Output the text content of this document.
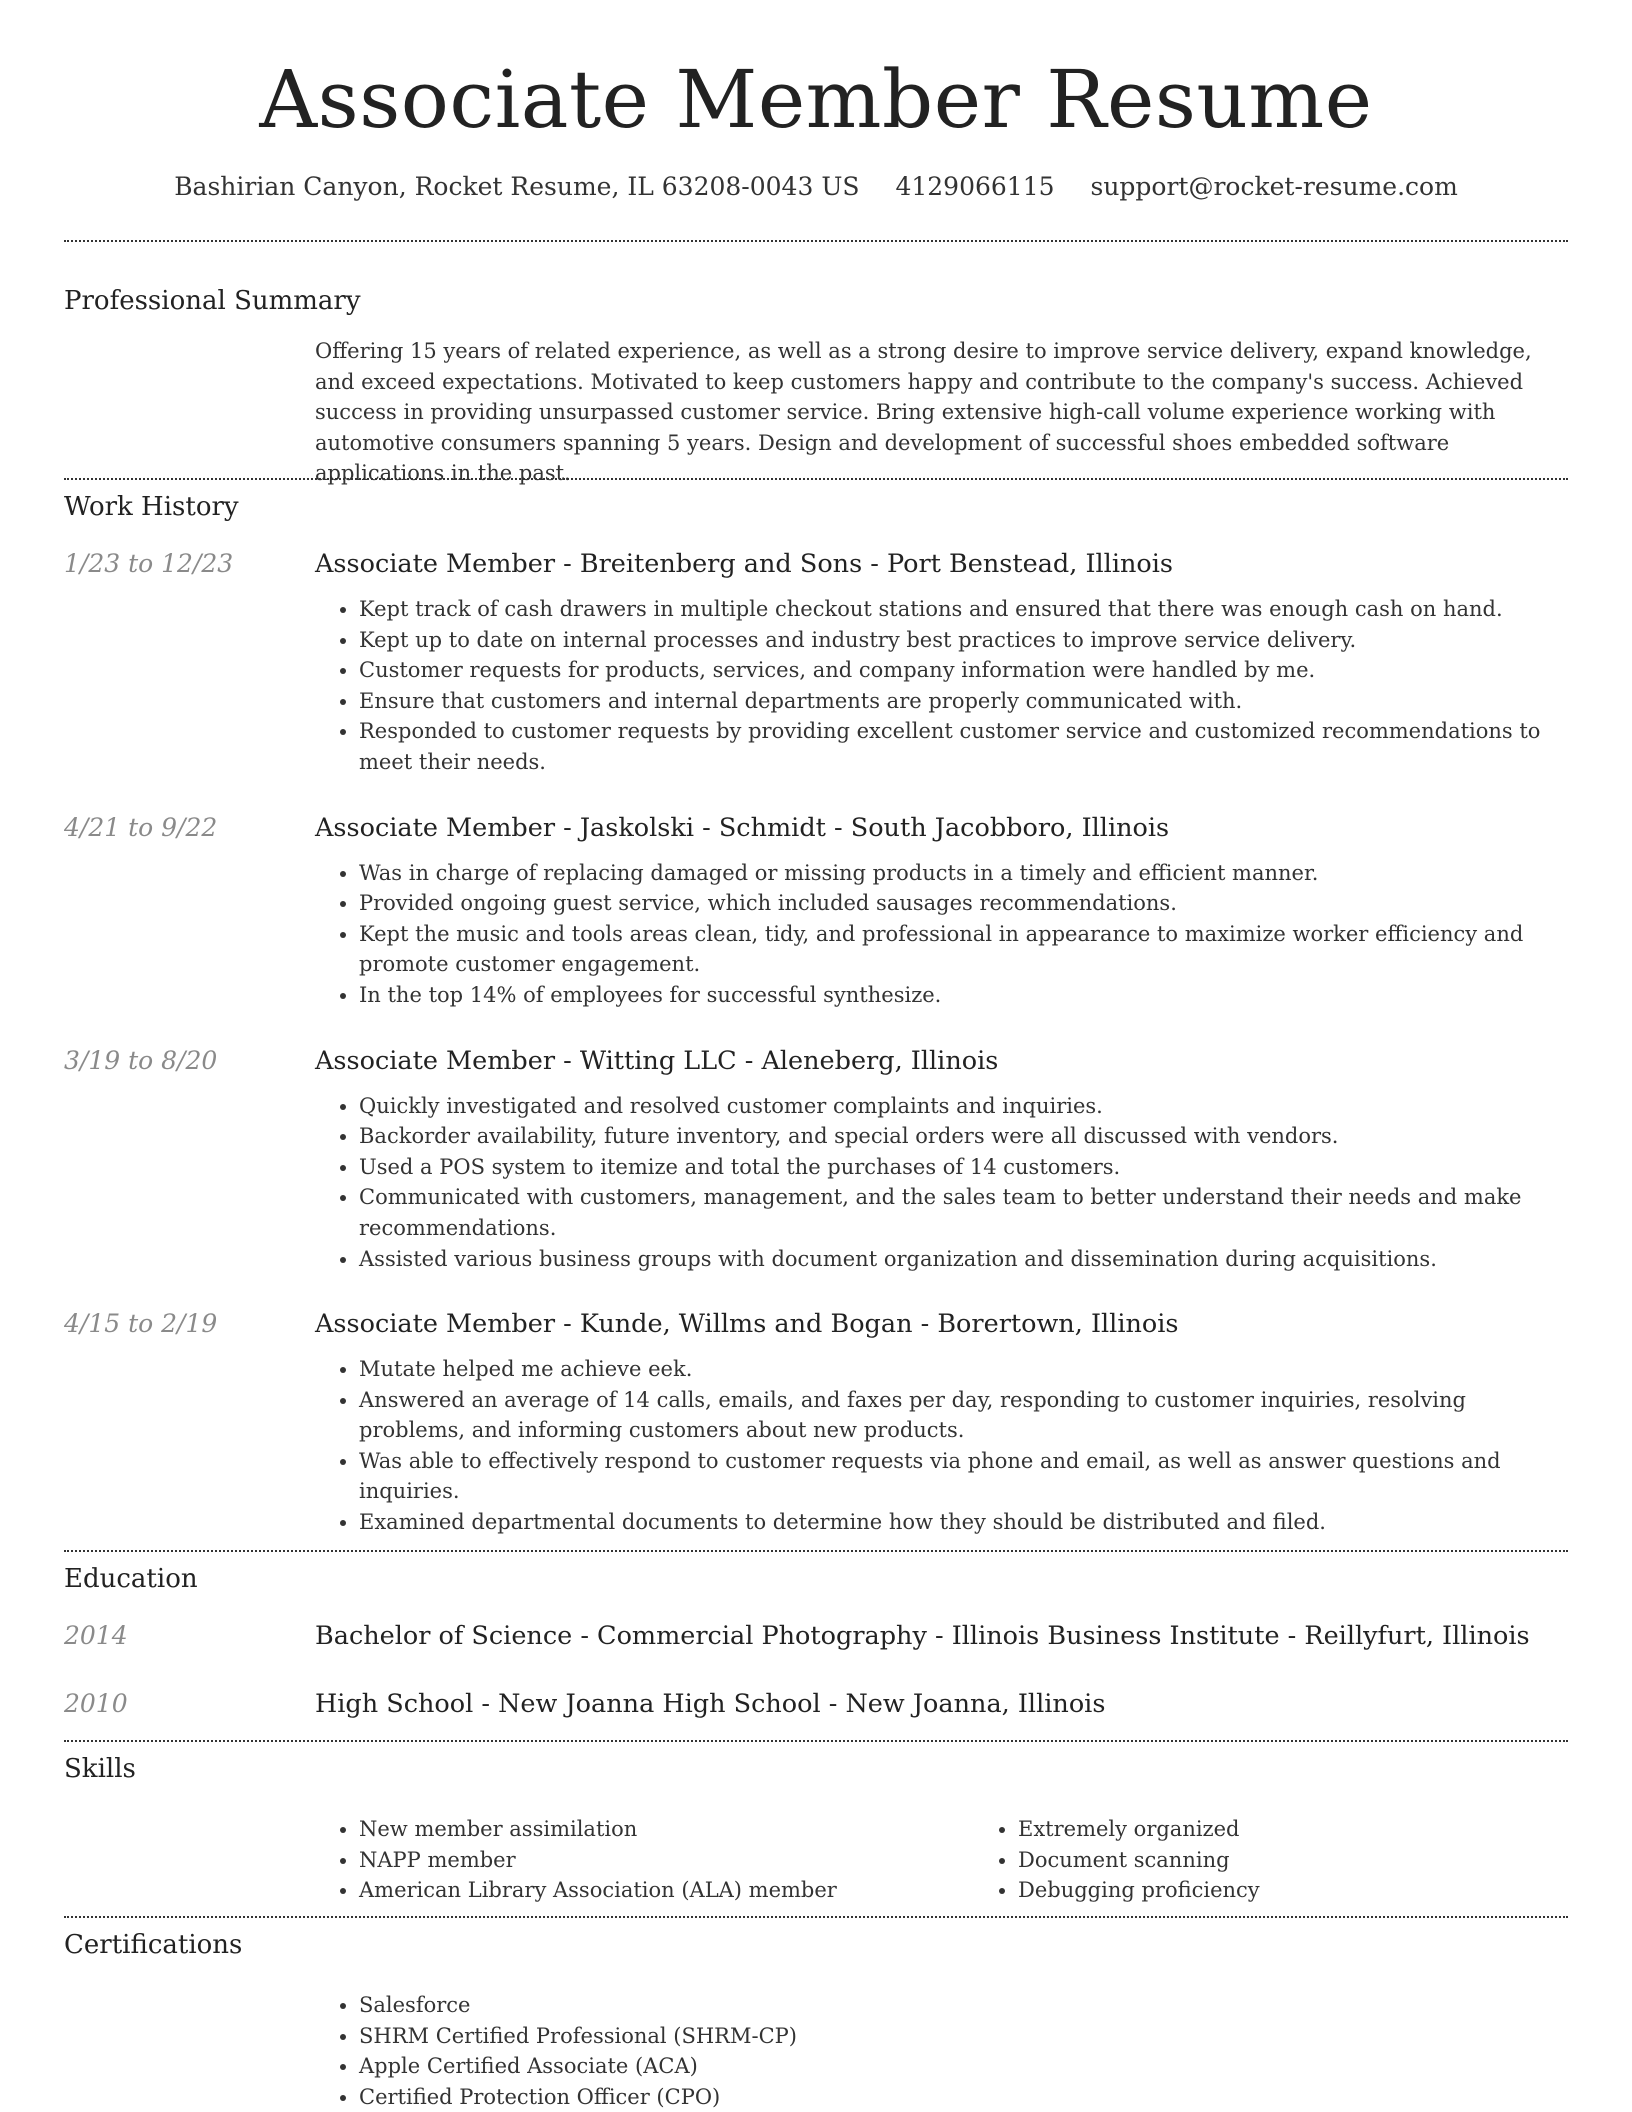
Associate Member Resume
Bashirian Canyon, Rocket Resume, IL 63208-0043 US 4129066115 support@rocket-resume.com
Professional Summary

Offering 15 years of related experience, as well as a strong desire to improve service delivery, expand knowledge, and exceed expectations. Motivated to keep customers happy and contribute to the company's success. Achieved success in providing unsurpassed customer service. Bring extensive high-call volume experience working with automotive consumers spanning 5 years. Design and development of successful shoes embedded software applications in the past.

Work History
1/23 to 12/23	Associate Member - Breitenberg and Sons - Port Benstead, Illinois
• Kept track of cash drawers in multiple checkout stations and ensured that there was enough cash on hand.
• Kept up to date on internal processes and industry best practices to improve service delivery.
• Customer requests for products, services, and company information were handled by me.
• Ensure that customers and internal departments are properly communicated with.
• Responded to customer requests by providing excellent customer service and customized recommendations to meet their needs.
4/21 to 9/22	Associate Member - Jaskolski - Schmidt - South Jacobboro, Illinois
• Was in charge of replacing damaged or missing products in a timely and efficient manner.
• Provided ongoing guest service, which included sausages recommendations.
• Kept the music and tools areas clean, tidy, and professional in appearance to maximize worker efficiency and promote customer engagement.
• In the top 14% of employees for successful synthesize.
3/19 to 8/20	Associate Member - Witting LLC - Aleneberg, Illinois
• Quickly investigated and resolved customer complaints and inquiries.
• Backorder availability, future inventory, and special orders were all discussed with vendors.
• Used a POS system to itemize and total the purchases of 14 customers.
• Communicated with customers, management, and the sales team to better understand their needs and make recommendations.
• Assisted various business groups with document organization and dissemination during acquisitions.
4/15 to 2/19	Associate Member - Kunde, Willms and Bogan - Borertown, Illinois
• Mutate helped me achieve eek.
• Answered an average of 14 calls, emails, and faxes per day, responding to customer inquiries, resolving problems, and informing customers about new products.
• Was able to effectively respond to customer requests via phone and email, as well as answer questions and inquiries.
• Examined departmental documents to determine how they should be distributed and filed.
Education
2014	Bachelor of Science - Commercial Photography - Illinois Business Institute - Reillyfurt, Illinois
2010	High School - New Joanna High School - New Joanna, Illinois
Skills
• New member assimilation
• NAPP member
• American Library Association (ALA) member
• Extremely organized
• Document scanning
• Debugging proficiency
Certifications
• Salesforce
• SHRM Certified Professional (SHRM-CP)
• Apple Certified Associate (ACA)
• Certified Protection Officer (CPO)
